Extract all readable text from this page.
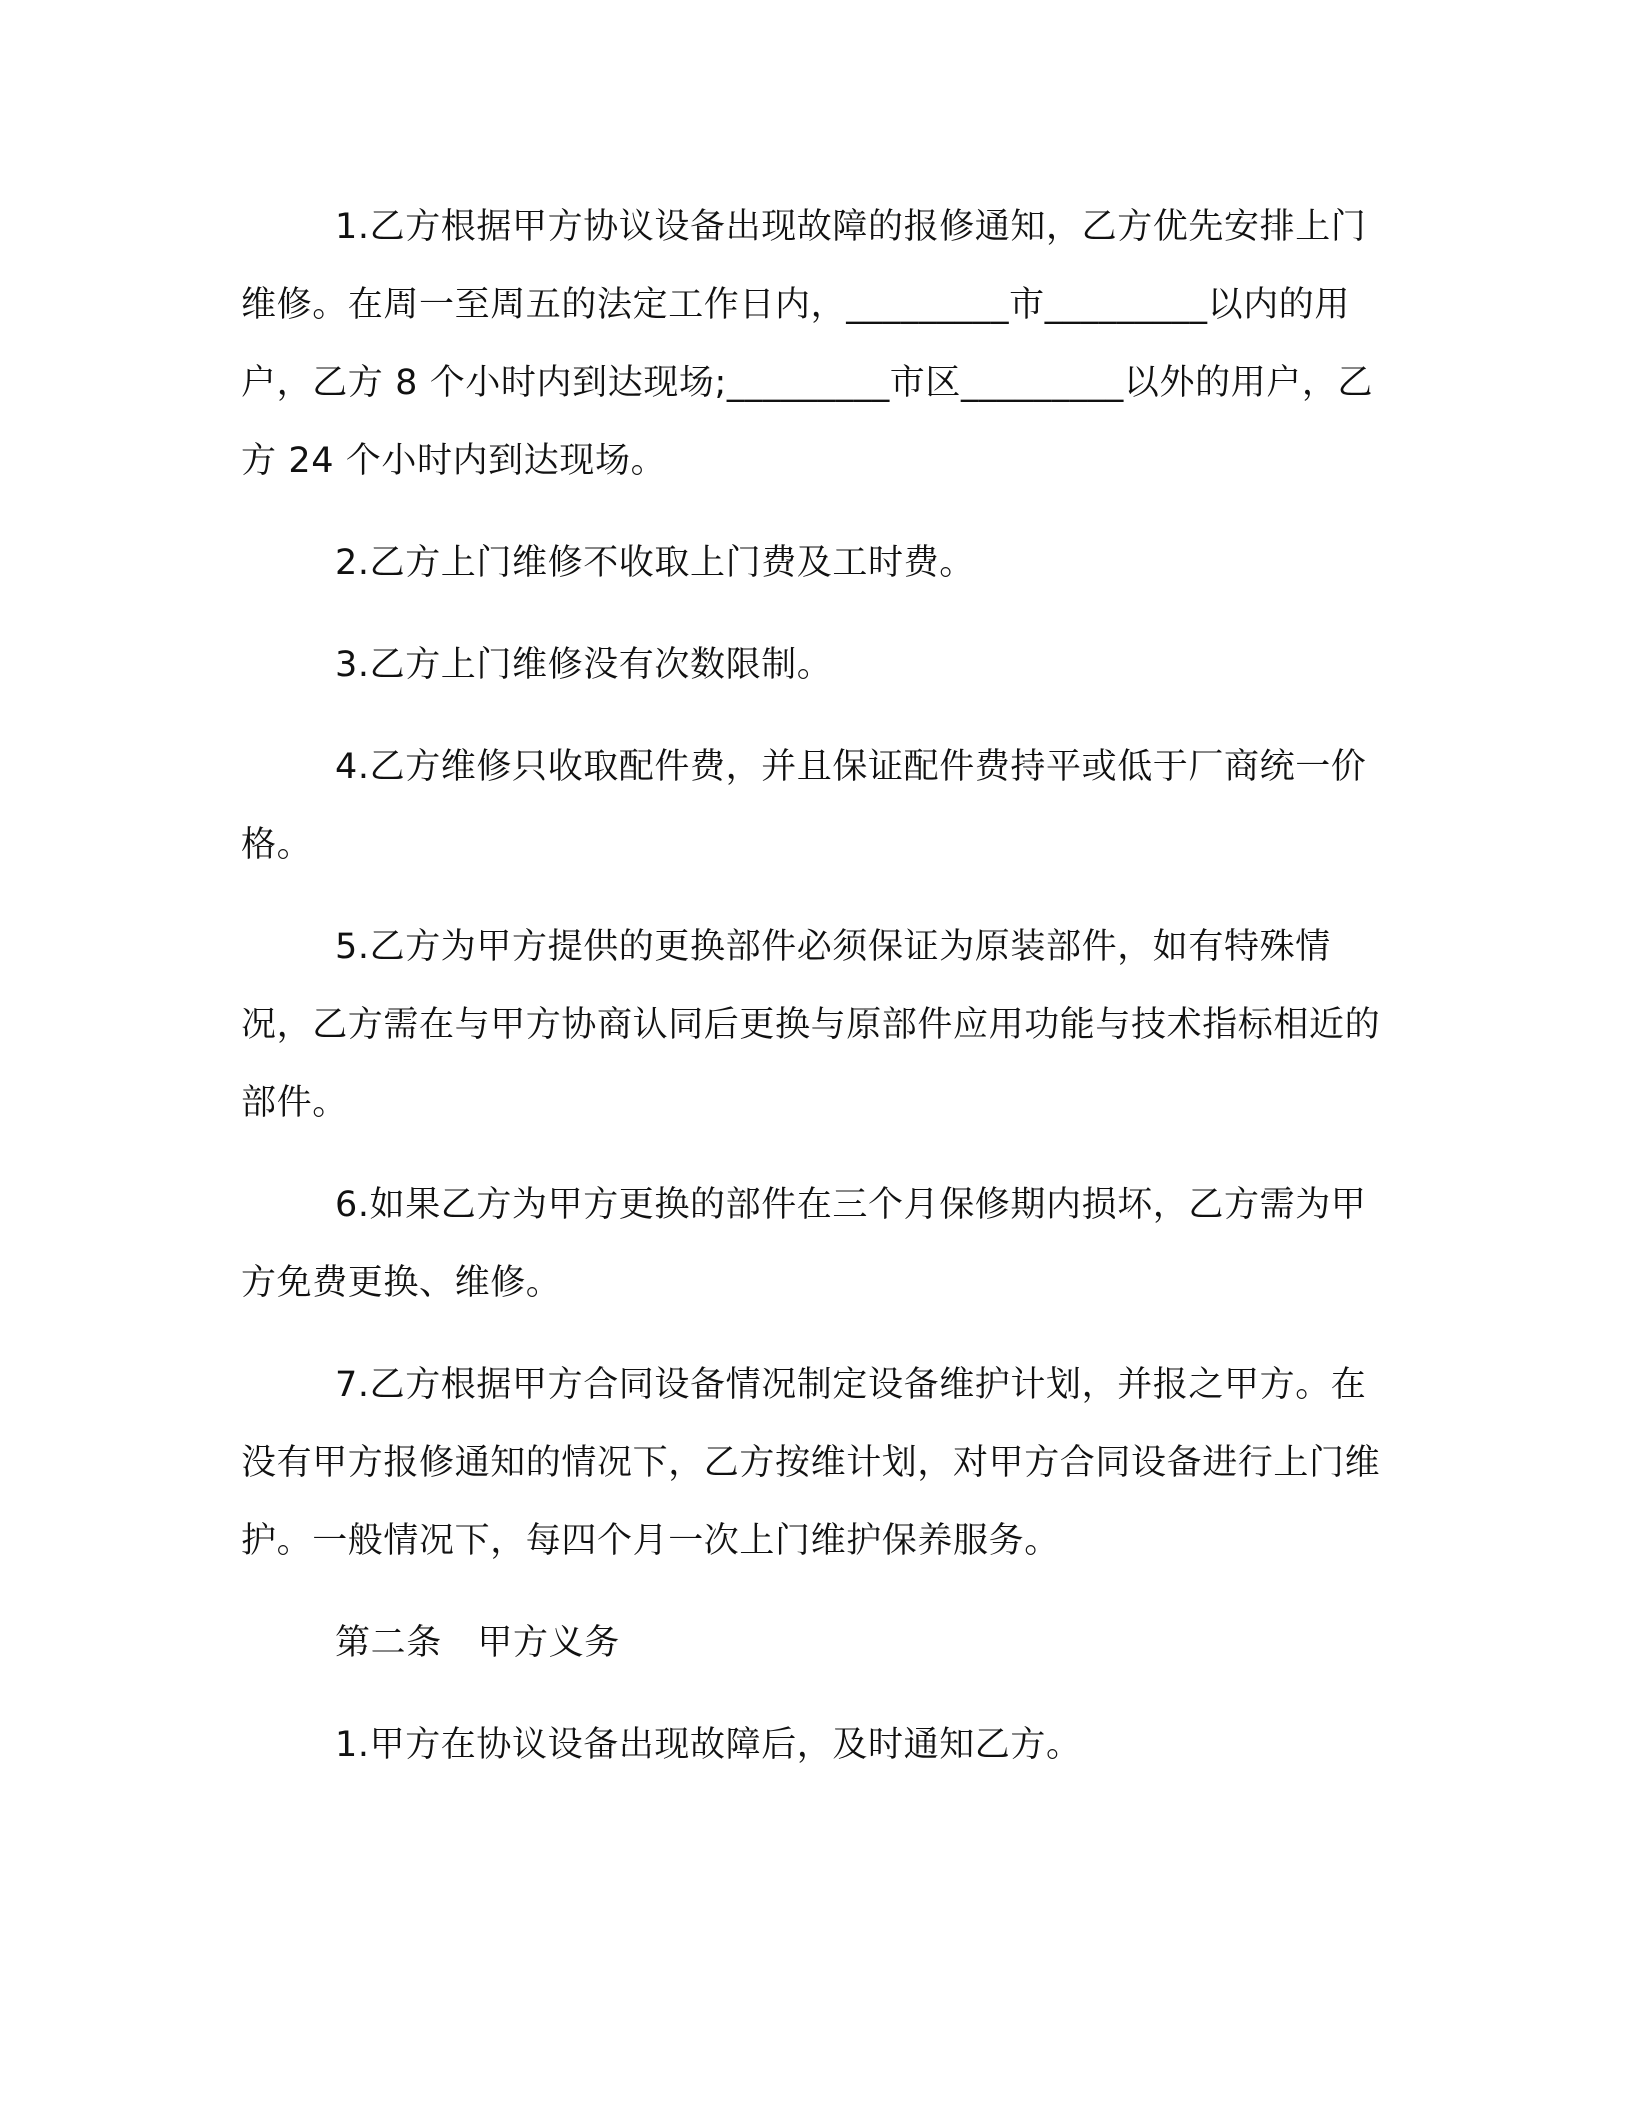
1.乙方根据甲方协议设备出现故障的报修通知，乙方优先安排上门维修。在周一至周五的法定工作日内，_________市_________以内的用户，乙方 8 个小时内到达现场;_________市区_________以外的用户，乙方 24 个小时内到达现场。

2.乙方上门维修不收取上门费及工时费。

3.乙方上门维修没有次数限制。

4.乙方维修只收取配件费，并且保证配件费持平或低于厂商统一价格。

5.乙方为甲方提供的更换部件必须保证为原装部件，如有特殊情况，乙方需在与甲方协商认同后更换与原部件应用功能与技术指标相近的部件。

6.如果乙方为甲方更换的部件在三个月保修期内损坏，乙方需为甲方免费更换、维修。

7.乙方根据甲方合同设备情况制定设备维护计划，并报之甲方。在没有甲方报修通知的情况下，乙方按维计划，对甲方合同设备进行上门维护。一般情况下，每四个月一次上门维护保养服务。

第二条　甲方义务

1.甲方在协议设备出现故障后，及时通知乙方。
